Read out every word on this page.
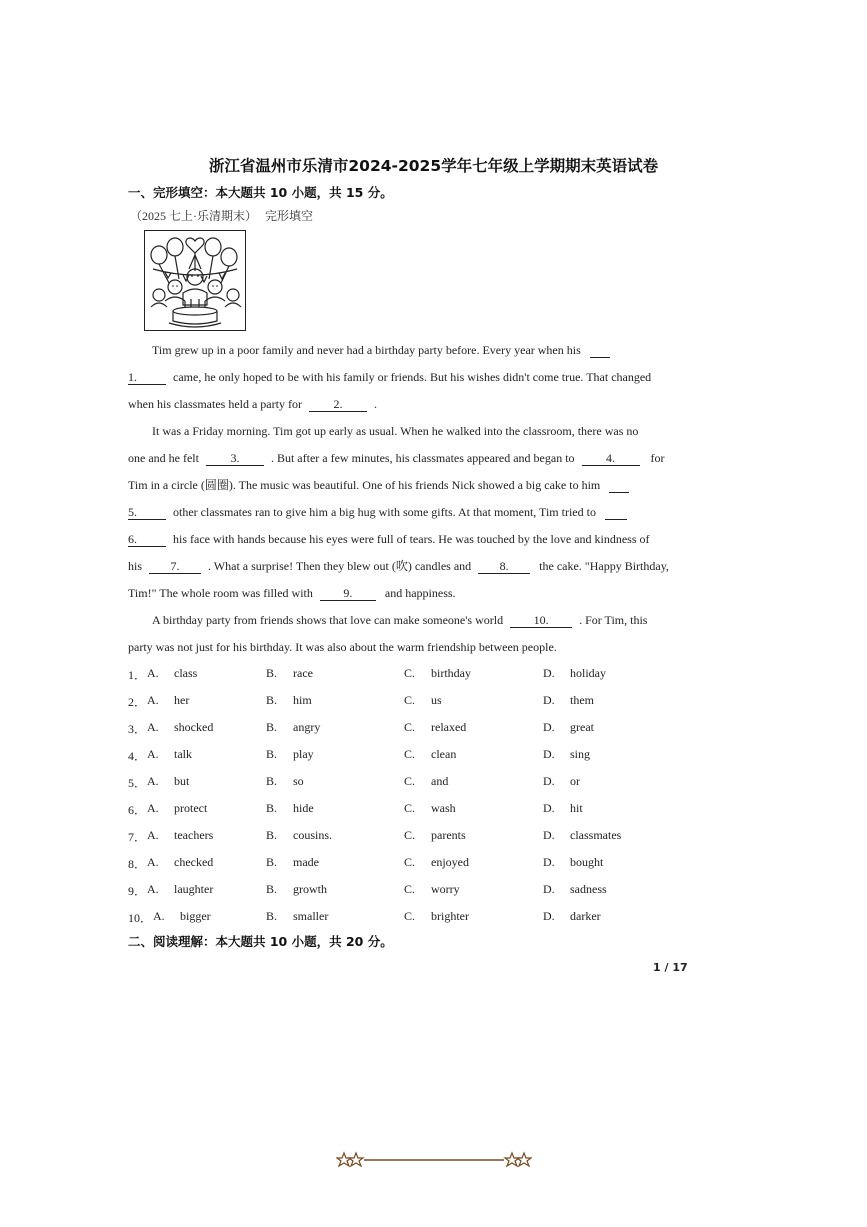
浙江省温州市乐清市2024-2025学年七年级上学期期末英语试卷
一、完形填空：本大题共 10 小题，共 15 分。
（2025 七上·乐清期末） 完形填空
Tim grew up in a poor family and never had a birthday party before. Every year when his
1.	came, he only hoped to be with his family or friends. But his wishes didn't come true. That changed
when his classmates held a party for	2.	.
It was a Friday morning. Tim got up early as usual. When he walked into the classroom, there was no
one and he felt	3.	. But after a few minutes, his classmates appeared and began to	4.	for
Tim in a circle (圆圈). The music was beautiful. One of his friends Nick showed a big cake to him
5.	other classmates ran to give him a big hug with some gifts. At that moment, Tim tried to
6.	his face with hands because his eyes were full of tears. He was touched by the love and kindness of
his 7. . What a surprise! Then they blew out (吹) candles and 8.	the cake. "Happy Birthday,
Tim!" The whole room was filled with	9.	and happiness.
A birthday party from friends shows that love can make someone's world	10.	. For Tim, this
party was not just for his birthday. It was also about the warm friendship between people.
1． A. class	B. race	C. birthday	D. holiday
2． A. her	B. him	C. us	D. them
3． A. shocked	B. angry	C. relaxed	D. great
4． A. talk	B. play	C. clean	D. sing
5． A. but	B. so	C. and	D. or
6． A. protect	B. hide	C. wash	D. hit
7． A. teachers	B. cousins.	C. parents	D. classmates
8． A. checked	B. made	C. enjoyed	D. bought
9． A. laughter	B. growth	C. worry	D. sadness
10． A. bigger	B. smaller	C. brighter	D. darker
二、阅读理解：本大题共 10 小题，共 20 分。
1 / 17
